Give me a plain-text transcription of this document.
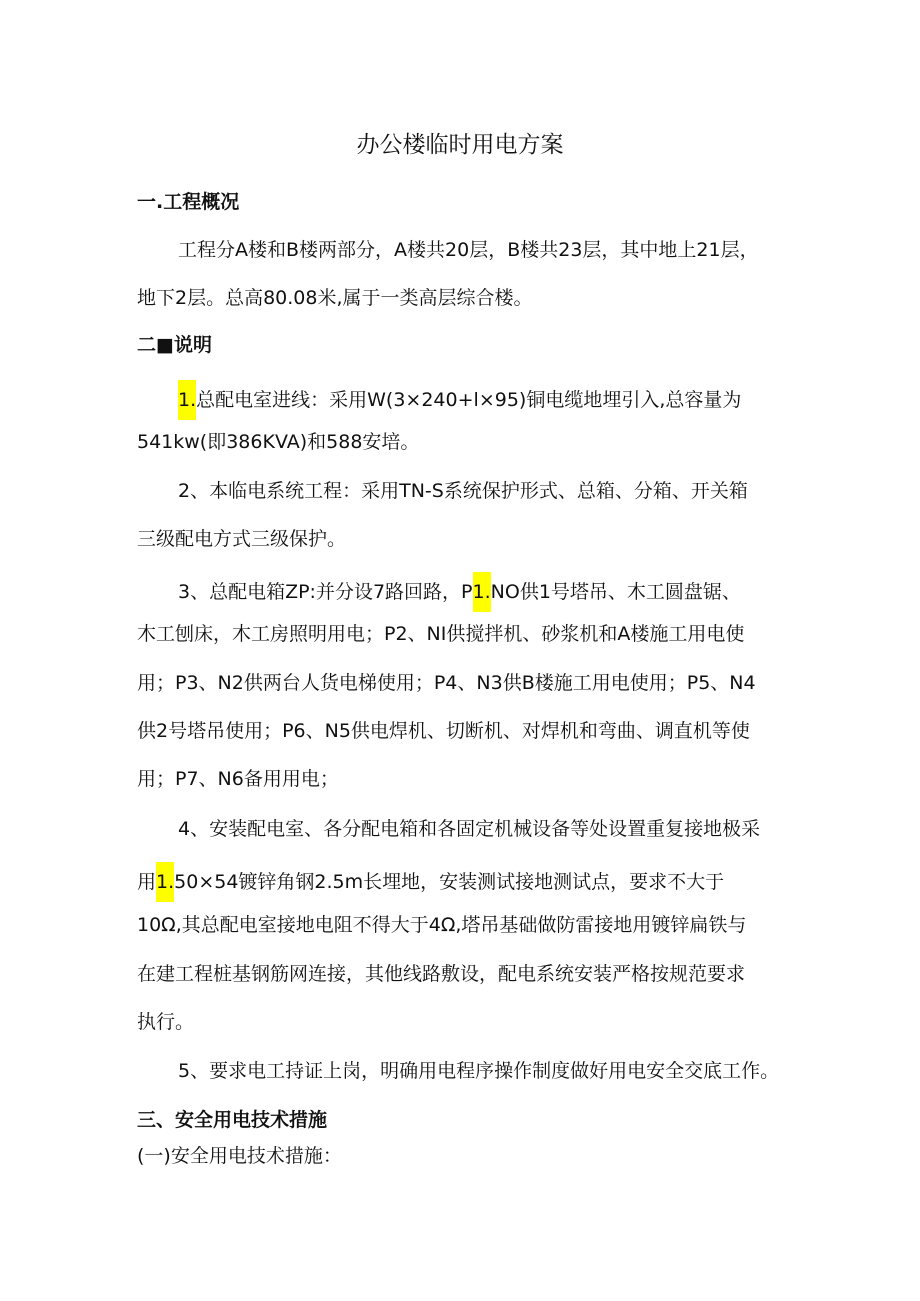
办公楼临时用电方案
一.工程概况
工程分A楼和B楼两部分，A楼共20层，B楼共23层，其中地上21层，
地下2层。总高80.08米,属于一类高层综合楼。
二■说明
1.总配电室进线：采用W(3×240+l×95)铜电缆地埋引入,总容量为
541kw(即386KVA)和588安培。
2、本临电系统工程：采用TN-S系统保护形式、总箱、分箱、开关箱
三级配电方式三级保护。
3、总配电箱ZP:并分设7路回路，P1.NO供1号塔吊、木工圆盘锯、
木工刨床，木工房照明用电；P2、NI供搅拌机、砂浆机和A楼施工用电使
用；P3、N2供两台人货电梯使用；P4、N3供B楼施工用电使用；P5、N4
供2号塔吊使用；P6、N5供电焊机、切断机、对焊机和弯曲、调直机等使
用；P7、N6备用用电；
4、安装配电室、各分配电箱和各固定机械设备等处设置重复接地极采
用1.50×54镀锌角钢2.5m长埋地，安装测试接地测试点，要求不大于
10Ω,其总配电室接地电阻不得大于4Ω,塔吊基础做防雷接地用镀锌扁铁与
在建工程桩基钢筋网连接，其他线路敷设，配电系统安装严格按规范要求
执行。
5、要求电工持证上岗，明确用电程序操作制度做好用电安全交底工作。
三、安全用电技术措施
(一)安全用电技术措施：
